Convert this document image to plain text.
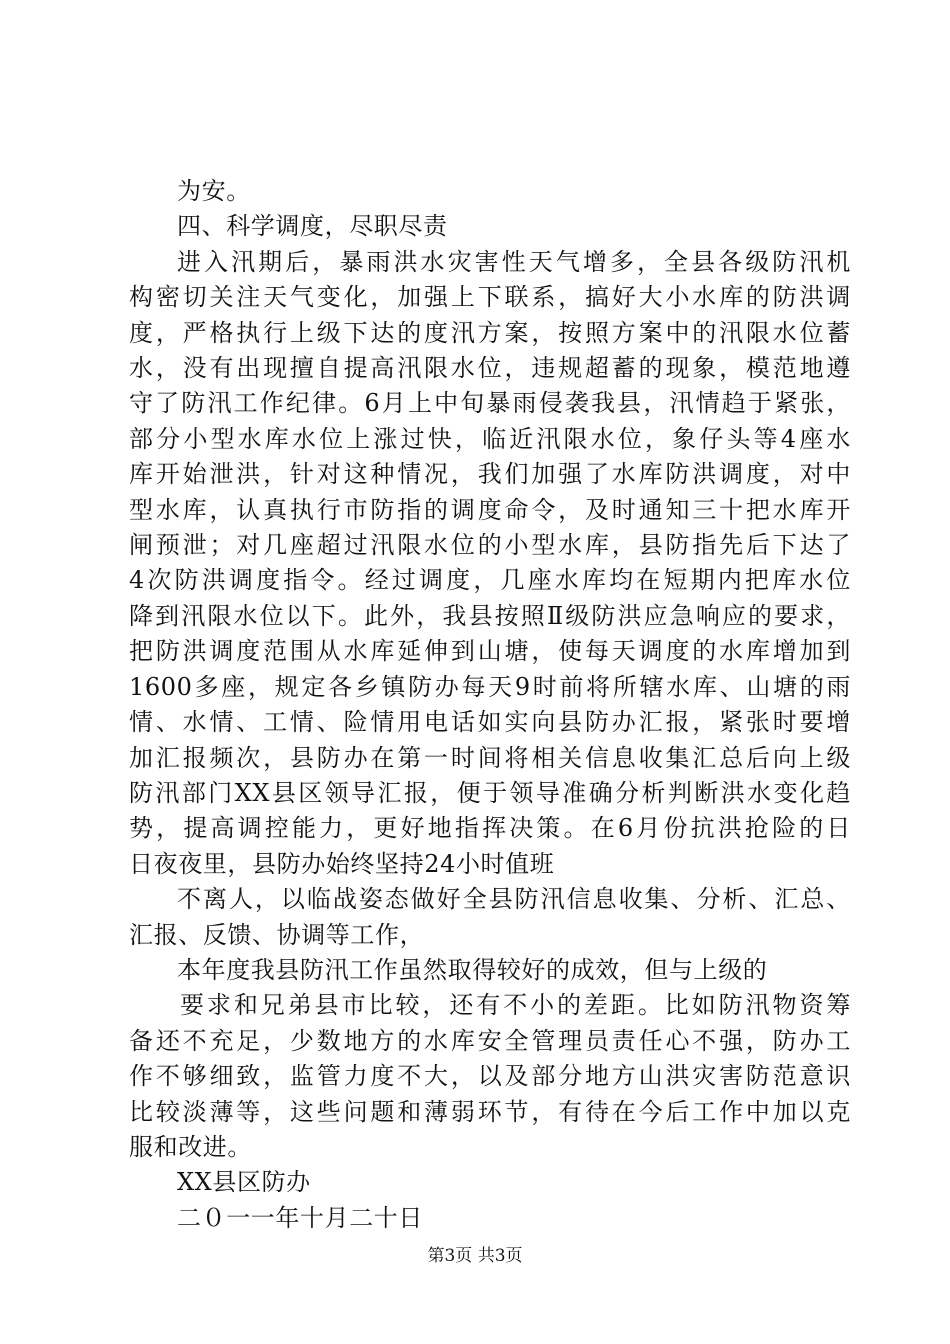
为安。
四、科学调度，尽职尽责
进入汛期后，暴雨洪水灾害性天气增多，全县各级防汛机
构密切关注天气变化，加强上下联系，搞好大小水库的防洪调
度，严格执行上级下达的度汛方案，按照方案中的汛限水位蓄
水，没有出现擅自提高汛限水位，违规超蓄的现象，模范地遵
守了防汛工作纪律。6月上中旬暴雨侵袭我县，汛情趋于紧张，
部分小型水库水位上涨过快，临近汛限水位，象仔头等4座水
库开始泄洪，针对这种情况，我们加强了水库防洪调度，对中
型水库，认真执行市防指的调度命令，及时通知三十把水库开
闸预泄；对几座超过汛限水位的小型水库，县防指先后下达了
4次防洪调度指令。经过调度，几座水库均在短期内把库水位
降到汛限水位以下。此外，我县按照Ⅱ级防洪应急响应的要求，
把防洪调度范围从水库延伸到山塘，使每天调度的水库增加到
1600多座，规定各乡镇防办每天9时前将所辖水库、山塘的雨
情、水情、工情、险情用电话如实向县防办汇报，紧张时要增
加汇报频次，县防办在第一时间将相关信息收集汇总后向上级
防汛部门XX县区领导汇报，便于领导准确分析判断洪水变化趋
势，提高调控能力，更好地指挥决策。在6月份抗洪抢险的日
日夜夜里，县防办始终坚持24小时值班
不离人，以临战姿态做好全县防汛信息收集、分析、汇总、
汇报、反馈、协调等工作，
本年度我县防汛工作虽然取得较好的成效，但与上级的
要求和兄弟县市比较，还有不小的差距。比如防汛物资筹
备还不充足，少数地方的水库安全管理员责任心不强，防办工
作不够细致，监管力度不大，以及部分地方山洪灾害防范意识
比较淡薄等，这些问题和薄弱环节，有待在今后工作中加以克
服和改进。
XX县区防办
二０一一年十月二十日
第3页 共3页
